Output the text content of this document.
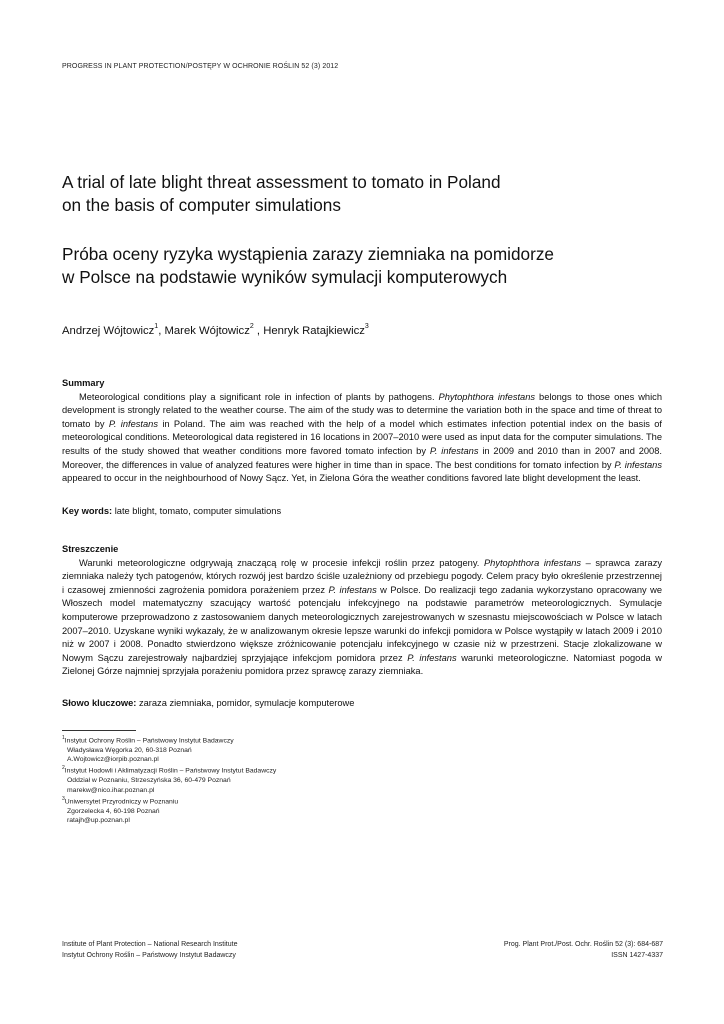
PROGRESS IN PLANT PROTECTION/POSTĘPY W OCHRONIE ROŚLIN 52 (3) 2012
A trial of late blight threat assessment to tomato in Poland
on the basis of computer simulations
Próba oceny ryzyka wystąpienia zarazy ziemniaka na pomidorze
w Polsce na podstawie wyników symulacji komputerowych
Andrzej Wójtowicz$^1$, Marek Wójtowicz$^2$ , Henryk Ratajkiewicz$^3$
Summary

Meteorological conditions play a significant role in infection of plants by pathogens. Phytophthora infestans belongs to those ones which development is strongly related to the weather course. The aim of the study was to determine the variation both in the space and time of threat to tomato by P. infestans in Poland. The aim was reached with the help of a model which estimates infection potential index on the basis of meteorological conditions. Meteorological data registered in 16 locations in 2007–2010 were used as input data for the computer simulations. The results of the study showed that weather conditions more favored tomato infection by P. infestans in 2009 and 2010 than in 2007 and 2008. Moreover, the differences in value of analyzed features were higher in time than in space. The best conditions for tomato infection by P. infestans appeared to occur in the neighbourhood of Nowy Sącz. Yet, in Zielona Góra the weather conditions favored late blight development the least.

Key words: late blight, tomato, computer simulations
Streszczenie

Warunki meteorologiczne odgrywają znaczącą rolę w procesie infekcji roślin przez patogeny. Phytophthora infestans – sprawca zarazy ziemniaka należy tych patogenów, których rozwój jest bardzo ściśle uzależniony od przebiegu pogody. Celem pracy było określenie przestrzennej i czasowej zmienności zagrożenia pomidora porażeniem przez P. infestans w Polsce. Do realizacji tego zadania wykorzystano opracowany we Włoszech model matematyczny szacujący wartość potencjału infekcyjnego na podstawie parametrów meteorologicznych. Symulacje komputerowe przeprowadzono z zastosowaniem danych meteorologicznych zarejestrowanych w szesnastu miejscowościach w Polsce w latach 2007–2010. Uzyskane wyniki wykazały, że w analizowanym okresie lepsze warunki do infekcji pomidora w Polsce wystąpiły w latach 2009 i 2010 niż w 2007 i 2008. Ponadto stwierdzono większe zróżnicowanie potencjału infekcyjnego w czasie niż w przestrzeni. Stacje zlokalizowane w Nowym Sączu zarejestrowały najbardziej sprzyjające infekcjom pomidora przez P. infestans warunki meteorologiczne. Natomiast pogoda w Zielonej Górze najmniej sprzyjała porażeniu pomidora przez sprawcę zarazy ziemniaka.

Słowo kluczowe: zaraza ziemniaka, pomidor, symulacje komputerowe
$^1$Instytut Ochrony Roślin – Państwowy Instytut Badawczy
Władysława Węgorka 20, 60-318 Poznań
A.Wojtowicz@iorpib.poznan.pl
$^2$Instytut Hodowli i Aklimatyzacji Roślin – Państwowy Instytut Badawczy
Oddział w Poznaniu, Strzeszyńska 36, 60-479 Poznań
marekw@nico.ihar.poznan.pl
$^3$Uniwersytet Przyrodniczy w Poznaniu
Zgorzelecka 4, 60-198 Poznań
ratajh@up.poznan.pl
Institute of Plant Protection – National Research Institute
Instytut Ochrony Roślin – Państwowy Instytut Badawczy
Prog. Plant Prot./Post. Ochr. Roślin 52 (3): 684-687
ISSN 1427-4337
